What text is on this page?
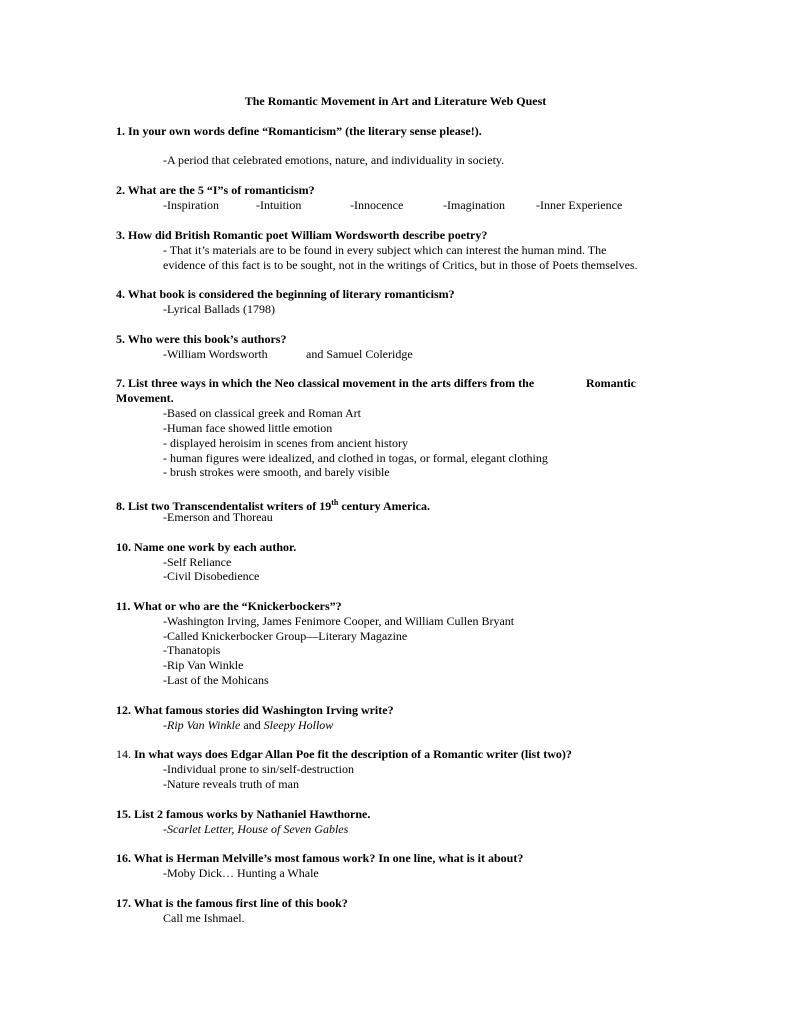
The Romantic Movement in Art and Literature Web Quest
1. In your own words define “Romanticism” (the literary sense please!).
-A period that celebrated emotions, nature, and individuality in society.
2. What are the 5 “I”s of romanticism?
-Inspiration	-Intuition	-Innocence	-Imagination	-Inner Experience
3. How did British Romantic poet William Wordsworth describe poetry?
- That it’s materials are to be found in every subject which can interest the human mind. The
evidence of this fact is to be sought, not in the writings of Critics, but in those of Poets themselves.
4. What book is considered the beginning of literary romanticism?
-Lyrical Ballads (1798)
5. Who were this book’s authors?
-William Wordsworth	and Samuel Coleridge
7. List three ways in which the Neo classical movement in the arts differs from the	Romantic
Movement.
-Based on classical greek and Roman Art
-Human face showed little emotion
- displayed heroisim in scenes from ancient history
- human figures were idealized, and clothed in togas, or formal, elegant clothing
- brush strokes were smooth, and barely visible
8. List two Transcendentalist writers of 19th century America.
-Emerson and Thoreau
10. Name one work by each author.
-Self Reliance
-Civil Disobedience
11. What or who are the “Knickerbockers”?
-Washington Irving, James Fenimore Cooper, and William Cullen Bryant
-Called Knickerbocker Group—Literary Magazine
-Thanatopis
-Rip Van Winkle
-Last of the Mohicans
12. What famous stories did Washington Irving write?
-Rip Van Winkle and Sleepy Hollow
14. In what ways does Edgar Allan Poe fit the description of a Romantic writer (list two)?
-Individual prone to sin/self-destruction
-Nature reveals truth of man
15. List 2 famous works by Nathaniel Hawthorne.
-Scarlet Letter, House of Seven Gables
16. What is Herman Melville’s most famous work? In one line, what is it about?
-Moby Dick… Hunting a Whale
17. What is the famous first line of this book?
Call me Ishmael.
